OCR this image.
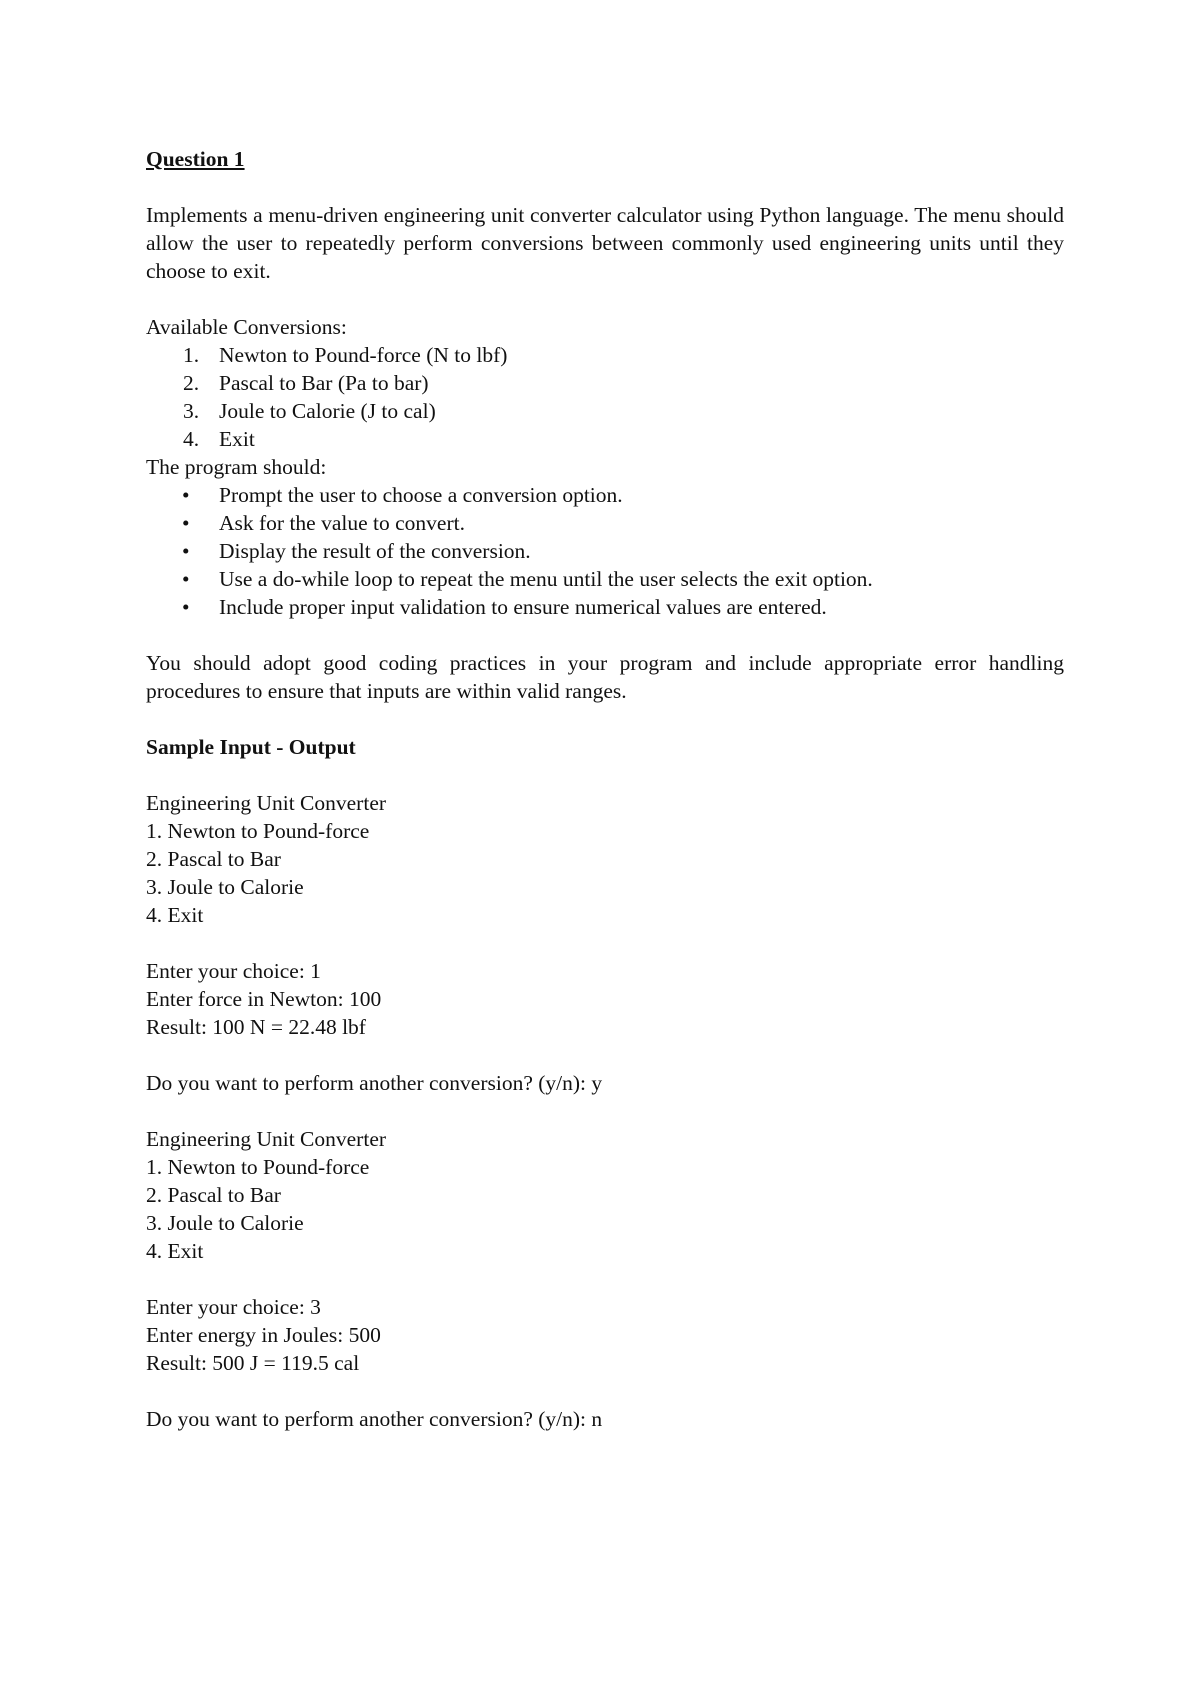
Question 1

Implements a menu-driven engineering unit converter calculator using Python language. The menu should allow the user to repeatedly perform conversions between commonly used engineering units until they choose to exit.

Available Conversions:

1. Newton to Pound-force (N to lbf)
2. Pascal to Bar (Pa to bar)
3. Joule to Calorie (J to cal)
4. Exit

The program should:

•	Prompt the user to choose a conversion option.
•	Ask for the value to convert.
•	Display the result of the conversion.
•	Use a do-while loop to repeat the menu until the user selects the exit option.
•	Include proper input validation to ensure numerical values are entered.

You should adopt good coding practices in your program and include appropriate error handling procedures to ensure that inputs are within valid ranges.

Sample Input - Output

Engineering Unit Converter

1. Newton to Pound-force

2. Pascal to Bar

3. Joule to Calorie

4. Exit

Enter your choice: 1

Enter force in Newton: 100

Result: 100 N = 22.48 lbf

Do you want to perform another conversion? (y/n): y

Engineering Unit Converter

1. Newton to Pound-force

2. Pascal to Bar

3. Joule to Calorie

4. Exit

Enter your choice: 3

Enter energy in Joules: 500

Result: 500 J = 119.5 cal

Do you want to perform another conversion? (y/n): n
